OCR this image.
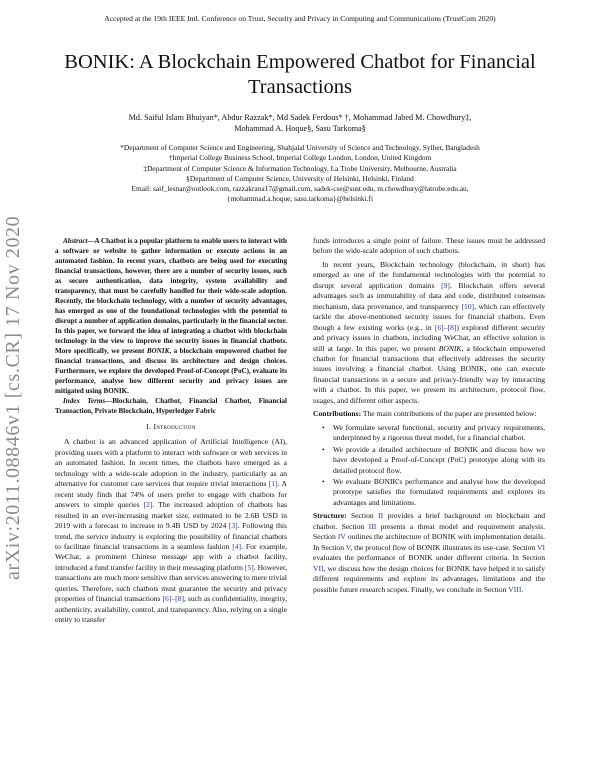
Accepted at the 19th IEEE Intl. Conference on Trust, Security and Privacy in Computing and Communications (TrustCom 2020)
BONIK: A Blockchain Empowered Chatbot for Financial Transactions
Md. Saiful Islam Bhuiyan*, Abdur Razzak*, Md Sadek Ferdous* †, Mohammad Jabed M. Chowdhury‡,
Mohammad A. Hoque§, Sasu Tarkoma§
*Department of Computer Science and Engineering, Shahjalal University of Science and Technology, Sylhet, Bangladesh
†Imperial College Business School, Imperial College London, London, United Kingdom
‡Department of Computer Science & Information Technology, La Trobe University, Melbourne, Australia
§Department of Computer Science, University of Helsinki, Helsinki, Finland
Email: saif_lesnar@outlook.com, razzakrana17@gmail.com, sadek-cse@sust.edu, m.chowdhury@latrobe.edu.au,
{mohammad.a.hoque, sasu.tarkoma}@helsinki.fi
arXiv:2011.08846v1 [cs.CR] 17 Nov 2020	Abstract—A Chatbot is a popular platform to enable users to interact with a software or website to gather information or execute actions in an automated fashion. In recent years, chatbots are being used for executing financial transactions, however, there are a number of security issues, such as secure authentication, data integrity, system availability and transparency, that must be carefully handled for their wide-scale adoption. Recently, the blockchain technology, with a number of security advantages, has emerged as one of the foundational technologies with the potential to disrupt a number of application domains, particularly in the financial sector. In this paper, we forward the idea of integrating a chatbot with blockchain technology in the view to improve the security issues in financial chatbots. More specifically, we present BONIK, a blockchain empowered chatbot for financial transactions, and discuss its architecture and design choices. Furthermore, we explore the developed Proof-of-Concept (PoC), evaluate its performance, analyse how different security and privacy issues are mitigated using BONIK.

Index Terms—Blockchain, Chatbot, Financial Chatbot, Financial Transaction, Private Blockchain, Hyperledger Fabric

I. Introduction

A chatbot is an advanced application of Artificial Intelligence (AI), providing users with a platform to interact with software or web services in an automated fashion. In recent times, the chatbots have emerged as a technology with a wide-scale adoption in the industry, particularly as an alternative for customer care services that require trivial interactions [1]. A recent study finds that 74% of users prefer to engage with chatbots for answers to simple queries [2]. The increased adoption of chatbots has resulted in an ever-increasing market size, estimated to be 2.6B USD in 2019 with a forecast to increase to 9.4B USD by 2024 [3]. Following this trend, the service industry is exploring the possibility of financial chatbots to facilitate financial transactions in a seamless fashion [4]. For example, WeChat, a prominent Chinese message app with a chatbot facility, introduced a fund transfer facility in their messaging platform [5]. However, transactions are much more sensitive than services answering to mere trivial queries. Therefore, such chatbots must guarantee the security and privacy properties of financial transactions [6]–[8], such as confidentiality, integrity, authenticity, availability, control, and transparency. Also, relying on a single entity to transfer

funds introduces a single point of failure. These issues must be addressed before the wide-scale adoption of such chatbots.

In recent years, Blockchain technology (blockchain, in short) has emerged as one of the fundamental technologies with the potential to disrupt several application domains [9]. Blockchain offers several advantages such as immutability of data and code, distributed consensus mechanism, data provenance, and transparency [10], which can effectively tackle the above-mentioned security issues for financial chatbots. Even though a few existing works (e.g., in [6]–[8]) explored different security and privacy issues in chatbots, including WeChat, an effective solution is still at large. In this paper, we present BONIK, a blockchain empowered chatbot for financial transactions that effectively addresses the security issues involving a financial chatbot. Using BONIK, one can execute financial transactions in a secure and privacy-friendly way by interacting with a chatbot. In this paper, we present its architecture, protocol flow, usages, and different other aspects.

Contributions: The main contributions of the paper are presented below:

• We formulate several functional, security and privacy requirements, underpinned by a rigorous threat model, for a financial chatbot.
• We provide a detailed architecture of BONIK and discuss how we have developed a Proof-of-Concept (PoC) prototype along with its detailed protocol flow.
• We evaluate BONIK's performance and analyse how the developed prototype satisfies the formulated requirements and explores its advantages and limitations.

Structure: Section II provides a brief background on blockchain and chatbot. Section III presents a threat model and requirement analysis. Section IV outlines the architecture of BONIK with implementation details. In Section V, the protocol flow of BONIK illustrates its use-case. Section VI evaluates the performance of BONIK under different criteria. In Section VII, we discuss how the design choices for BONIK have helped it to satisfy different requirements and explore its advantages, limitations and the possible future research scopes. Finally, we conclude in Section VIII.
